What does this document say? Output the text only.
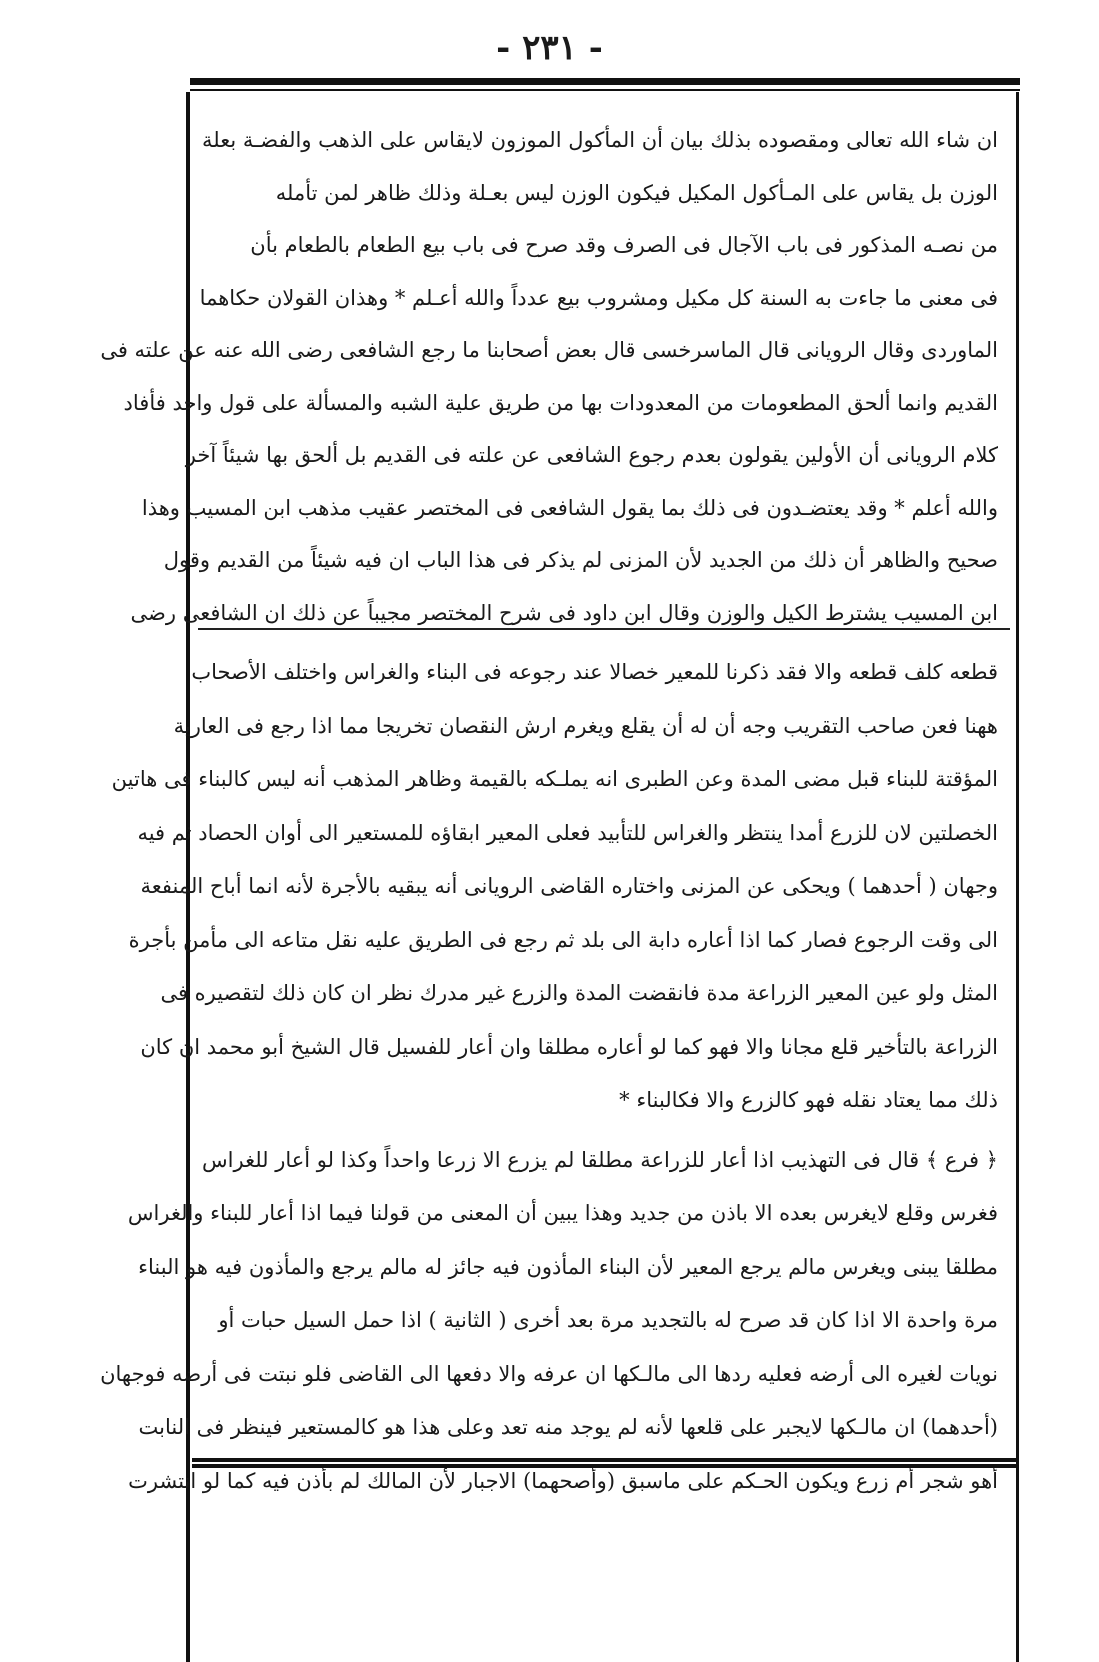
- ٢٣١ -
ان شاء الله تعالى ومقصوده بذلك بيان أن المأكول الموزون لايقاس على الذهب والفضـة بعلة
الوزن بل يقاس على المـأكول المكيل فيكون الوزن ليس بعـلة وذلك ظاهر لمن تأمله
من نصـه المذكور فى باب الآجال فى الصرف وقد صرح فى باب بيع الطعام بالطعام بأن
فى معنى ما جاءت به السنة كل مكيل ومشروب بيع عدداً والله أعـلم * وهذان القولان حكاهما
الماوردى وقال الرويانى قال الماسرخسى قال بعض أصحابنا ما رجع الشافعى رضى الله عنه عن علته فى
القديم وانما ألحق المطعومات من المعدودات بها من طريق علية الشبه والمسألة على قول واحد فأفاد
كلام الرويانى أن الأولين يقولون بعدم رجوع الشافعى عن علته فى القديم بل ألحق بها شيئاً آخر
والله أعلم * وقد يعتضـدون فى ذلك بما يقول الشافعى فى المختصر عقيب مذهب ابن المسيب وهذا
صحيح والظاهر أن ذلك من الجديد لأن المزنى لم يذكر فى هذا الباب ان فيه شيئاً من القديم وقول
ابن المسيب يشترط الكيل والوزن وقال ابن داود فى شرح المختصر مجيباً عن ذلك ان الشافعى رضى
قطعه كلف قطعه والا فقد ذكرنا للمعير خصالا عند رجوعه فى البناء والغراس واختلف الأصحاب
ههنا فعن صاحب التقريب وجه أن له أن يقلع ويغرم ارش النقصان تخريجا مما اذا رجع فى العارية
المؤقتة للبناء قبل مضى المدة وعن الطبرى انه يملـكه بالقيمة وظاهر المذهب أنه ليس كالبناء فى هاتين
الخصلتين لان للزرع أمدا ينتظر والغراس للتأبيد فعلى المعير ابقاؤه للمستعير الى أوان الحصاد ثم فيه
وجهان ( أحدهما ) ويحكى عن المزنى واختاره القاضى الرويانى أنه يبقيه بالأجرة لأنه انما أباح المنفعة
الى وقت الرجوع فصار كما اذا أعاره دابة الى بلد ثم رجع فى الطريق عليه نقل متاعه الى مأمن بأجرة
المثل ولو عين المعير الزراعة مدة فانقضت المدة والزرع غير مدرك نظر ان كان ذلك لتقصيره فى
الزراعة بالتأخير قلع مجانا والا فهو كما لو أعاره مطلقا وان أعار للفسيل قال الشيخ أبو محمد ان كان
ذلك مما يعتاد نقله فهو كالزرع والا فكالبناء *
﴿ فرع ﴾ قال فى التهذيب اذا أعار للزراعة مطلقا لم يزرع الا زرعا واحداً وكذا لو أعار للغراس
فغرس وقلع لايغرس بعده الا باذن من جديد وهذا يبين أن المعنى من قولنا فيما اذا أعار للبناء والغراس
مطلقا يبنى ويغرس مالم يرجع المعير لأن البناء المأذون فيه جائز له مالم يرجع والمأذون فيه هو البناء
مرة واحدة الا اذا كان قد صرح له بالتجديد مرة بعد أخرى ( الثانية ) اذا حمل السيل حبات أو
نويات لغيره الى أرضه فعليه ردها الى مالـكها ان عرفه والا دفعها الى القاضى فلو نبتت فى أرضه فوجهان
(أحدهما) ان مالـكها لايجبر على قلعها لأنه لم يوجد منه تعد وعلى هذا هو كالمستعير فينظر فى النابت
أهو شجر أم زرع ويكون الحـكم على ماسبق (وأصحهما) الاجبار لأن المالك لم بأذن فيه كما لو انتشرت
